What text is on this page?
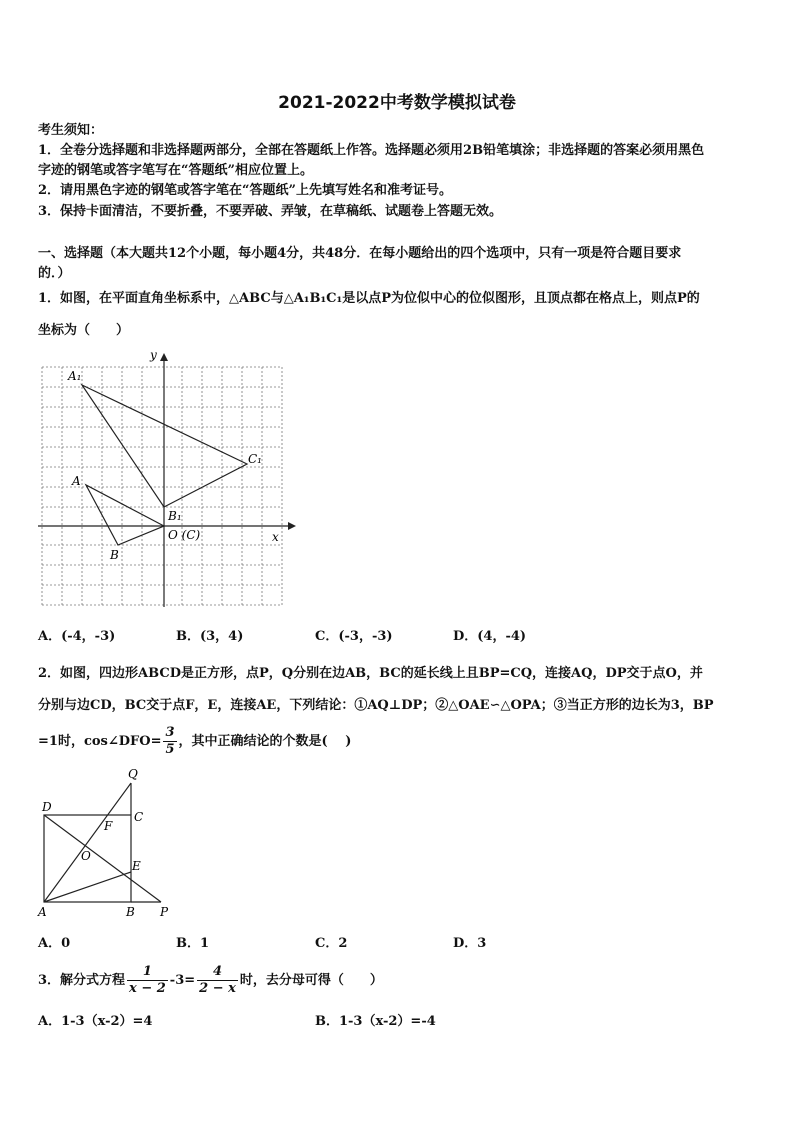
2021-2022中考数学模拟试卷
考生须知：
1．全卷分选择题和非选择题两部分，全部在答题纸上作答。选择题必须用2B铅笔填涂；非选择题的答案必须用黑色
字迹的钢笔或答字笔写在“答题纸”相应位置上。
2．请用黑色字迹的钢笔或答字笔在“答题纸”上先填写姓名和准考证号。
3．保持卡面清洁，不要折叠，不要弄破、弄皱，在草稿纸、试题卷上答题无效。
一、选择题（本大题共12个小题，每小题4分，共48分．在每小题给出的四个选项中，只有一项是符合题目要求
的．）
1．如图，在平面直角坐标系中，△ABC与△A₁B₁C₁是以点P为位似中心的位似图形，且顶点都在格点上，则点P的
坐标为（　　）
y
x
A₁
C₁
A
B₁
O (C)
B
A．(-4，-3)	B．(3，4)	C．(-3，-3)	D．(4，-4)
2．如图，四边形ABCD是正方形，点P，Q分别在边AB，BC的延长线上且BP=CQ，连接AQ，DP交于点O，并
分别与边CD，BC交于点F，E，连接AE，下列结论：①AQ⊥DP；②△OAE∽△OPA；③当正方形的边长为3，BP
=1时，cos∠DFO= $\frac{3}{5}$ ，其中正确结论的个数是(　 )
Q
D
C
F
O
E
A	B P
A．0	B．1	C．2	D．3
3．解分式方程 $\frac{1}{x - 2} -3= \frac{4}{2 - x}$ 时，去分母可得（　　）
A．1-3（x-2）=4	B．1-3（x-2）=-4
